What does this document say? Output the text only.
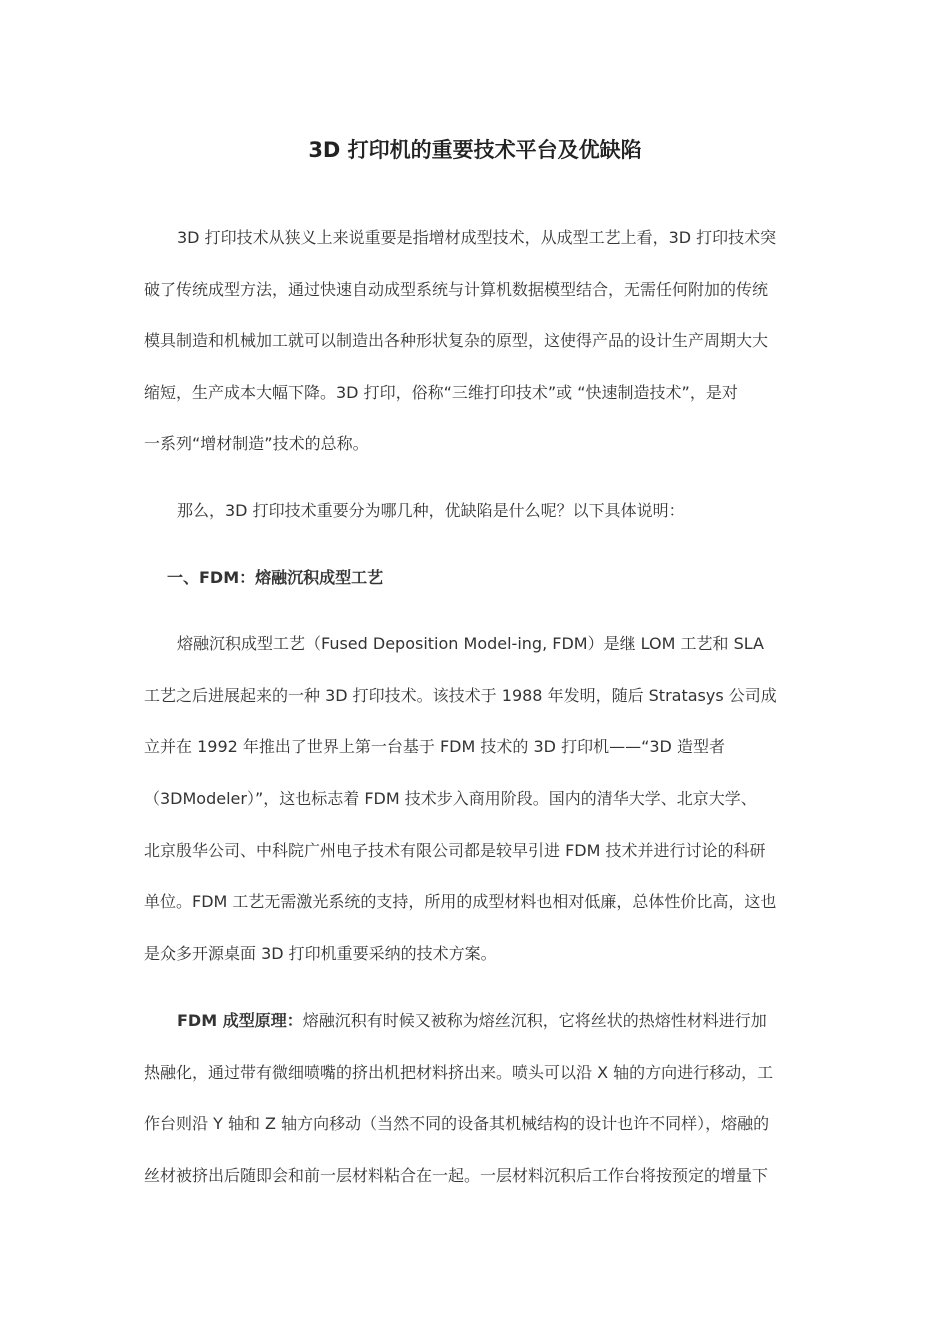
3D 打印机的重要技术平台及优缺陷
3D 打印技术从狭义上来说重要是指增材成型技术，从成型工艺上看，3D 打印技术突
破了传统成型方法，通过快速自动成型系统与计算机数据模型结合，无需任何附加的传统
模具制造和机械加工就可以制造出各种形状复杂的原型，这使得产品的设计生产周期大大
缩短，生产成本大幅下降。3D 打印，俗称“三维打印技术”或 “快速制造技术”，是对
一系列“增材制造”技术的总称。
那么，3D 打印技术重要分为哪几种，优缺陷是什么呢？以下具体说明：
一、FDM：熔融沉积成型工艺
熔融沉积成型工艺（Fused Deposition Model-ing, FDM）是继 LOM 工艺和 SLA
工艺之后进展起来的一种 3D 打印技术。该技术于 1988 年发明，随后 Stratasys 公司成
立并在 1992 年推出了世界上第一台基于 FDM 技术的 3D 打印机——“3D 造型者
（3DModeler）”，这也标志着 FDM 技术步入商用阶段。国内的清华大学、北京大学、
北京殷华公司、中科院广州电子技术有限公司都是较早引进 FDM 技术并进行讨论的科研
单位。FDM 工艺无需激光系统的支持，所用的成型材料也相对低廉，总体性价比高，这也
是众多开源桌面 3D 打印机重要采纳的技术方案。
FDM 成型原理：熔融沉积有时候又被称为熔丝沉积，它将丝状的热熔性材料进行加
热融化，通过带有微细喷嘴的挤出机把材料挤出来。喷头可以沿 X 轴的方向进行移动，工
作台则沿 Y 轴和 Z 轴方向移动（当然不同的设备其机械结构的设计也许不同样），熔融的
丝材被挤出后随即会和前一层材料粘合在一起。一层材料沉积后工作台将按预定的增量下
